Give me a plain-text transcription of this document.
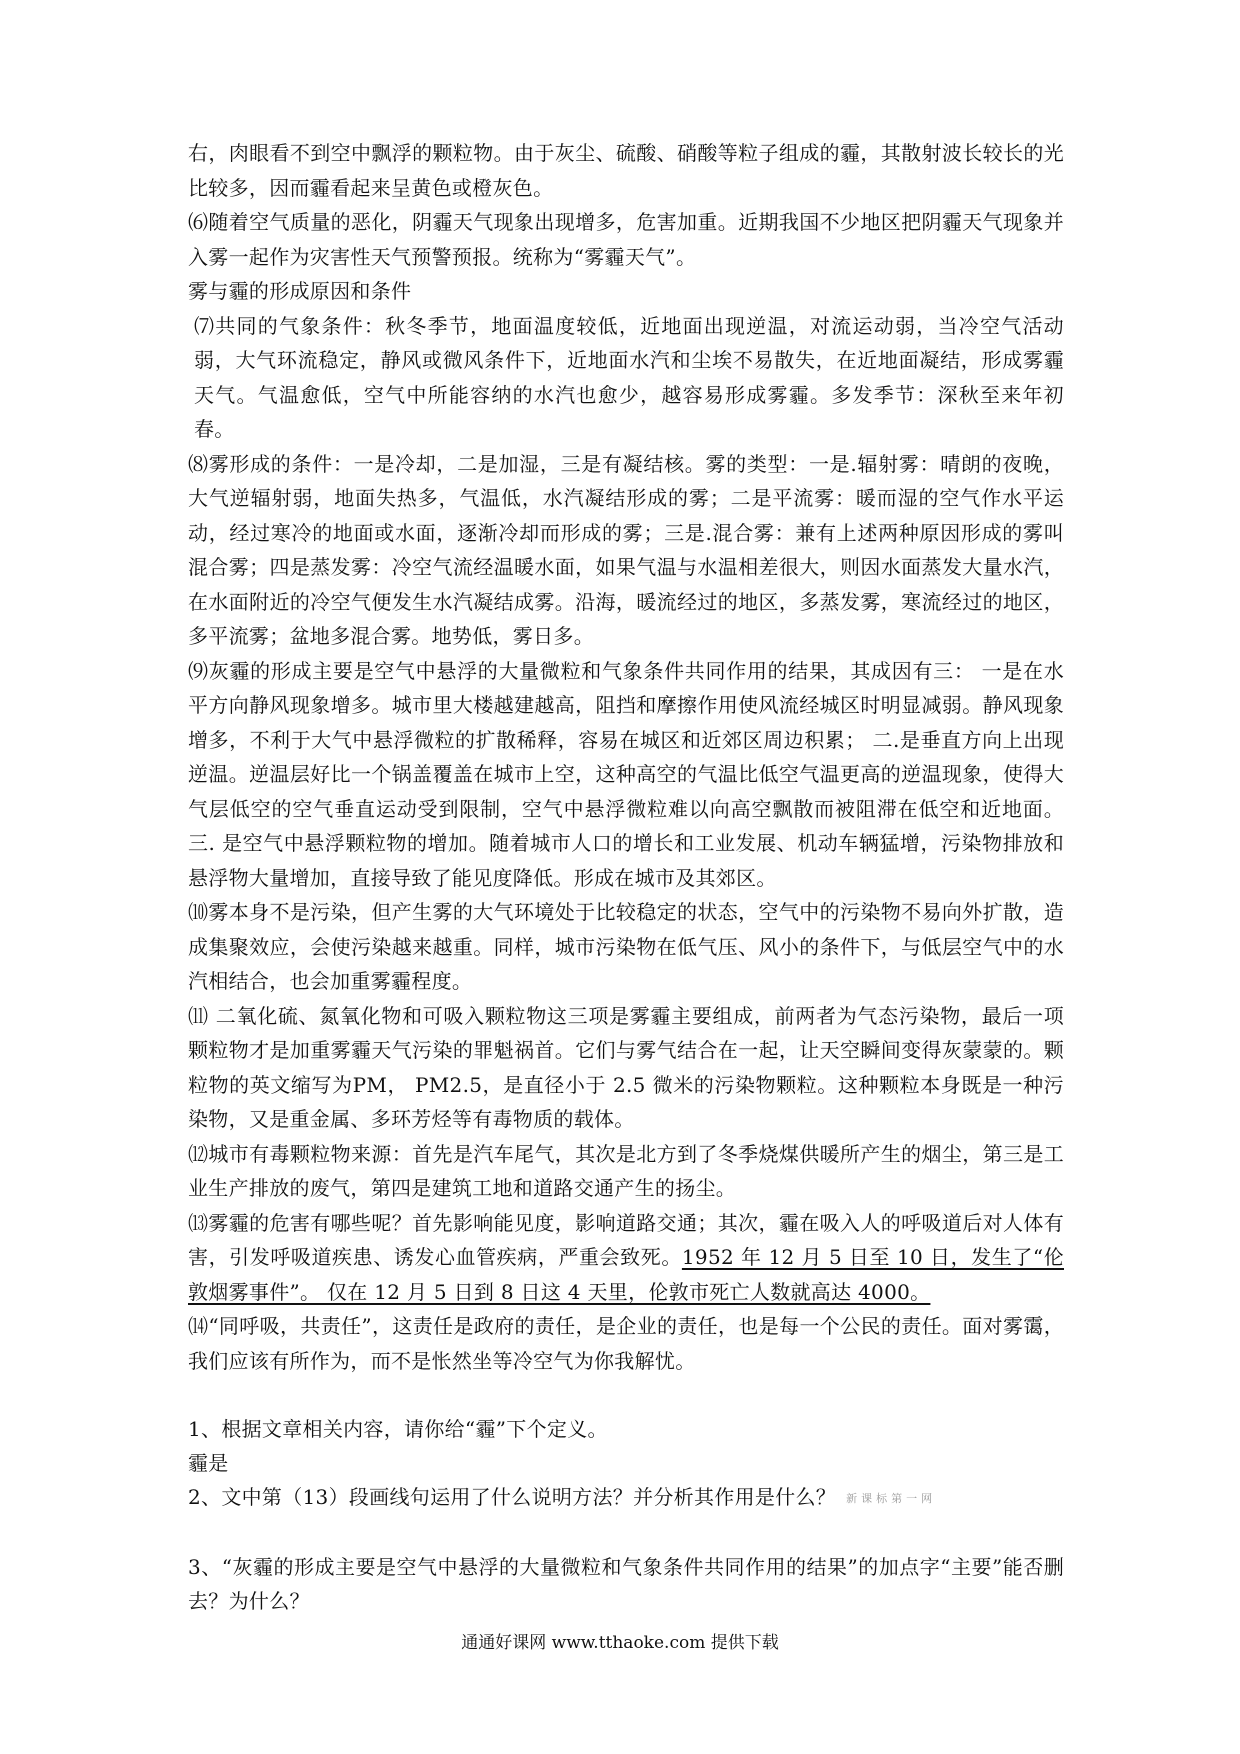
右，肉眼看不到空中飘浮的颗粒物。由于灰尘、硫酸、硝酸等粒子组成的霾，其散射波长较长的光比较多，因而霾看起来呈黄色或橙灰色。

⑹随着空气质量的恶化，阴霾天气现象出现增多，危害加重。近期我国不少地区把阴霾天气现象并入雾一起作为灾害性天气预警预报。统称为“雾霾天气”。

雾与霾的形成原因和条件

⑺共同的气象条件：秋冬季节，地面温度较低，近地面出现逆温，对流运动弱，当冷空气活动弱，大气环流稳定，静风或微风条件下，近地面水汽和尘埃不易散失，在近地面凝结，形成雾霾天气。气温愈低，空气中所能容纳的水汽也愈少，越容易形成雾霾。多发季节：深秋至来年初春。

⑻雾形成的条件：一是冷却，二是加湿，三是有凝结核。雾的类型：一是.辐射雾：晴朗的夜晚，大气逆辐射弱，地面失热多，气温低，水汽凝结形成的雾；二是平流雾：暖而湿的空气作水平运动，经过寒冷的地面或水面，逐渐冷却而形成的雾；三是.混合雾：兼有上述两种原因形成的雾叫混合雾；四是蒸发雾：冷空气流经温暖水面，如果气温与水温相差很大，则因水面蒸发大量水汽，在水面附近的冷空气便发生水汽凝结成雾。沿海，暖流经过的地区，多蒸发雾，寒流经过的地区，多平流雾；盆地多混合雾。地势低，雾日多。

⑼灰霾的形成主要是空气中悬浮的大量微粒和气象条件共同作用的结果，其成因有三： 一是在水平方向静风现象增多。城市里大楼越建越高，阻挡和摩擦作用使风流经城区时明显减弱。静风现象增多，不利于大气中悬浮微粒的扩散稀释，容易在城区和近郊区周边积累； 二.是垂直方向上出现逆温。逆温层好比一个锅盖覆盖在城市上空，这种高空的气温比低空气温更高的逆温现象，使得大气层低空的空气垂直运动受到限制，空气中悬浮微粒难以向高空飘散而被阻滞在低空和近地面。三. 是空气中悬浮颗粒物的增加。随着城市人口的增长和工业发展、机动车辆猛增，污染物排放和悬浮物大量增加，直接导致了能见度降低。形成在城市及其郊区。

⑽雾本身不是污染，但产生雾的大气环境处于比较稳定的状态，空气中的污染物不易向外扩散，造成集聚效应，会使污染越来越重。同样，城市污染物在低气压、风小的条件下，与低层空气中的水汽相结合，也会加重雾霾程度。

⑾ 二氧化硫、氮氧化物和可吸入颗粒物这三项是雾霾主要组成，前两者为气态污染物，最后一项颗粒物才是加重雾霾天气污染的罪魁祸首。它们与雾气结合在一起，让天空瞬间变得灰蒙蒙的。颗粒物的英文缩写为PM， PM2.5，是直径小于 2.5 微米的污染物颗粒。这种颗粒本身既是一种污染物，又是重金属、多环芳烃等有毒物质的载体。

⑿城市有毒颗粒物来源：首先是汽车尾气，其次是北方到了冬季烧煤供暖所产生的烟尘，第三是工业生产排放的废气，第四是建筑工地和道路交通产生的扬尘。

⒀雾霾的危害有哪些呢？首先影响能见度，影响道路交通；其次，霾在吸入人的呼吸道后对人体有害，引发呼吸道疾患、诱发心血管疾病，严重会致死。1952 年 12 月 5 日至 10 日，发生了“伦敦烟雾事件”。 仅在 12 月 5 日到 8 日这 4 天里，伦敦市死亡人数就高达 4000。

⒁“同呼吸，共责任”，这责任是政府的责任，是企业的责任，也是每一个公民的责任。面对雾霭，我们应该有所作为，而不是怅然坐等冷空气为你我解忧。

1、根据文章相关内容，请你给“霾”下个定义。

霾是

2、文中第（13）段画线句运用了什么说明方法？并分析其作用是什么？ 新课标第一网

3、“灰霾的形成主要是空气中悬浮的大量微粒和气象条件共同作用的结果”的加点字“主要”能否删去？为什么？

通通好课网 www.tthaoke.com 提供下载
